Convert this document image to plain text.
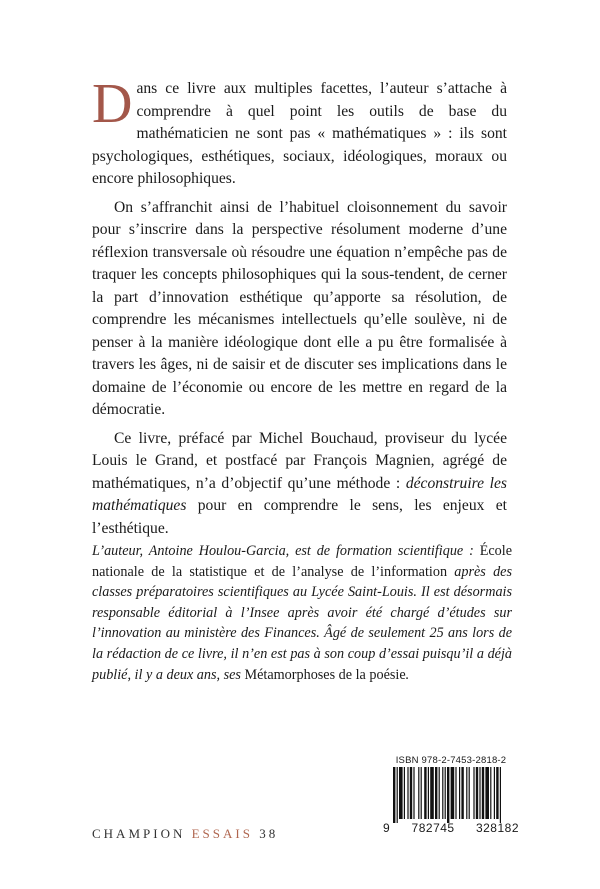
Dans ce livre aux multiples facettes, l’auteur s’attache à comprendre à quel point les outils de base du mathématicien ne sont pas « mathématiques » : ils sont psychologiques, esthétiques, sociaux, idéologiques, moraux ou encore philosophiques.

On s’affranchit ainsi de l’habituel cloisonnement du savoir pour s’inscrire dans la perspective résolument moderne d’une réflexion transversale où résoudre une équation n’empêche pas de traquer les concepts philosophiques qui la sous-tendent, de cerner la part d’innovation esthétique qu’apporte sa résolution, de comprendre les mécanismes intellectuels qu’elle soulève, ni de penser à la manière idéologique dont elle a pu être formalisée à travers les âges, ni de saisir et de discuter ses implications dans le domaine de l’économie ou encore de les mettre en regard de la démocratie.

Ce livre, préfacé par Michel Bouchaud, proviseur du lycée Louis le Grand, et postfacé par François Magnien, agrégé de mathématiques, n’a d’objectif qu’une méthode : déconstruire les mathématiques pour en comprendre le sens, les enjeux et l’esthétique.

L’auteur, Antoine Houlou-Garcia, est de formation scientifique : École nationale de la statistique et de l’analyse de l’information après des classes préparatoires scientifiques au Lycée Saint-Louis. Il est désormais responsable éditorial à l’Insee après avoir été chargé d’études sur l’innovation au ministère des Finances. Âgé de seulement 25 ans lors de la rédaction de ce livre, il n’en est pas à son coup d’essai puisqu’il a déjà publié, il y a deux ans, ses Métamorphoses de la poésie.
CHAMPION ESSAIS 38
ISBN 978-2-7453-2818-2
9 782745 328182
